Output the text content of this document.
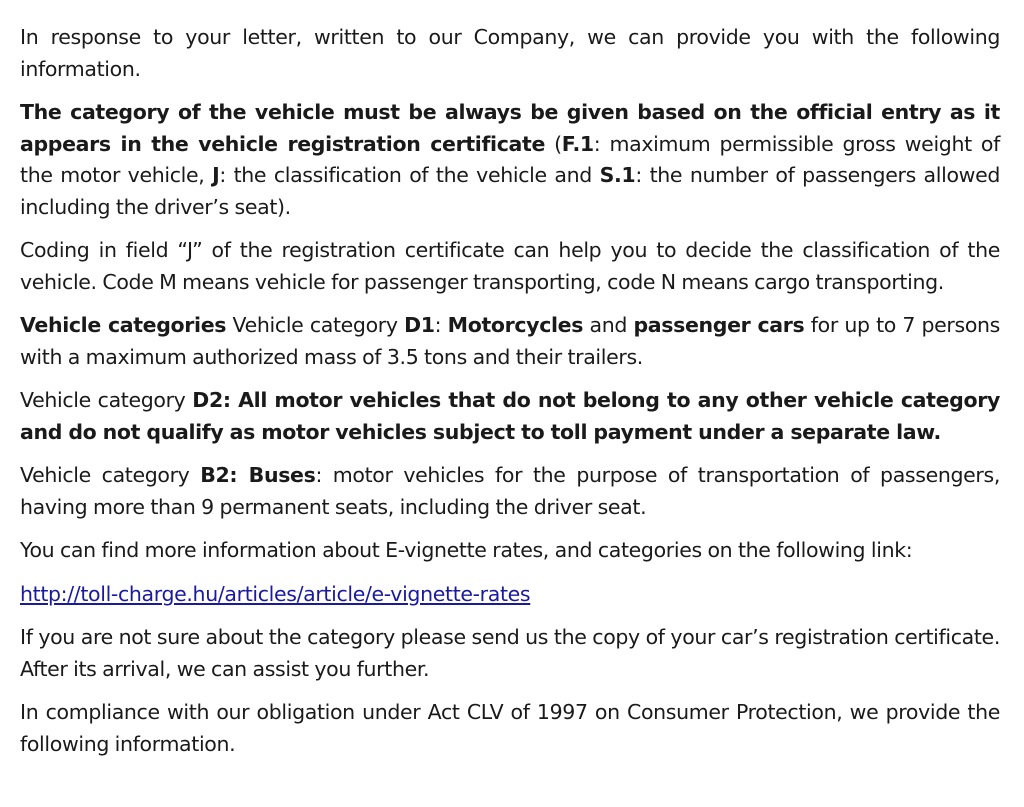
In response to your letter, written to our Company, we can provide you with the following information.

The category of the vehicle must be always be given based on the official entry as it appears in the vehicle registration certificate (F.1: maximum permissible gross weight of the motor vehicle, J: the classification of the vehicle and S.1: the number of passengers allowed including the driver’s seat).

Coding in field “J” of the registration certificate can help you to decide the classification of the vehicle. Code M means vehicle for passenger transporting, code N means cargo transporting.

Vehicle categories Vehicle category D1: Motorcycles and passenger cars for up to 7 persons with a maximum authorized mass of 3.5 tons and their trailers.

Vehicle category D2: All motor vehicles that do not belong to any other vehicle category and do not qualify as motor vehicles subject to toll payment under a separate law.

Vehicle category B2: Buses: motor vehicles for the purpose of transportation of passengers, having more than 9 permanent seats, including the driver seat.

You can find more information about E-vignette rates, and categories on the following link:

http://toll-charge.hu/articles/article/e-vignette-rates

If you are not sure about the category please send us the copy of your car’s registration certificate. After its arrival, we can assist you further.

In compliance with our obligation under Act CLV of 1997 on Consumer Protection, we provide the following information.
